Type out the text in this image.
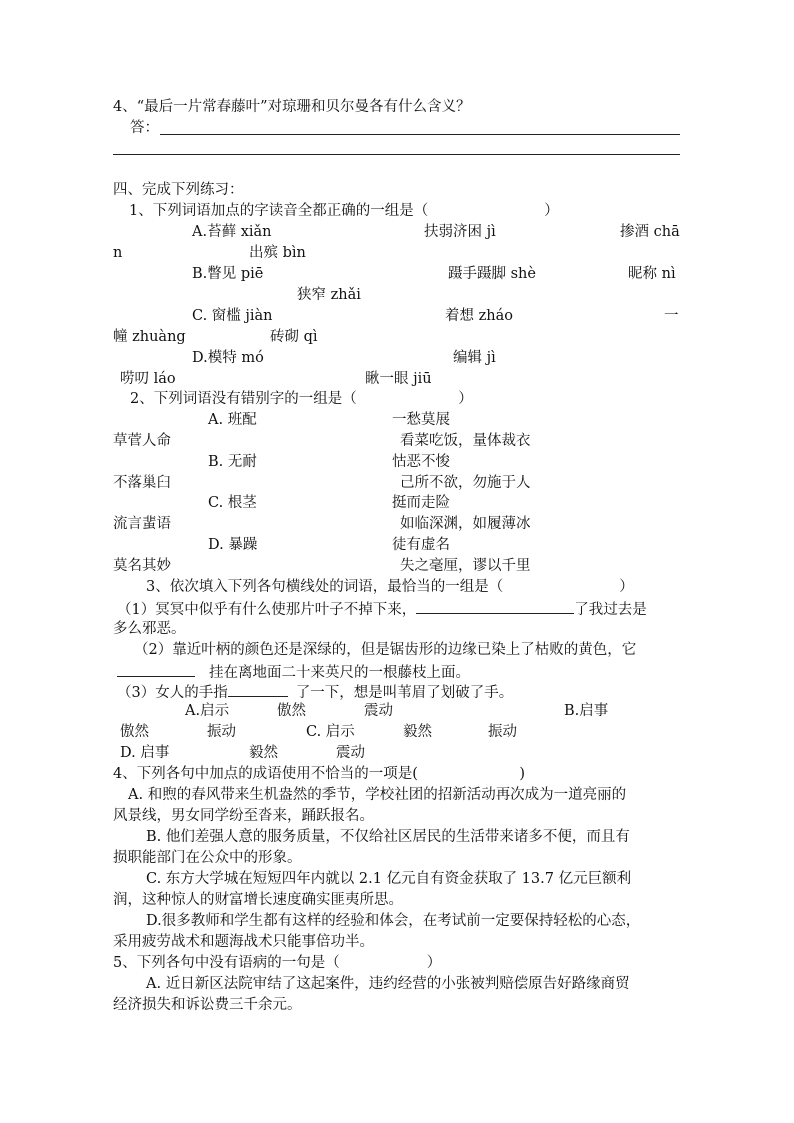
4、“最后一片常春藤叶”对琼珊和贝尔曼各有什么含义？
答：
四、完成下列练习：
1、下列词语加点的字读音全都正确的一组是（　　　　　　　　）
A.苔藓 xiǎn	扶弱济困 jì	掺酒 chā
n	出殡 bìn
B.瞥见 piē	蹑手蹑脚 shè	昵称 nì
狭窄 zhǎi
C. 窗槛 jiàn	着想 zháo	一
幢 zhuàng	砖砌 qì
D.模特 mó	编辑 jì
唠叨 láo	瞅一眼 jiū
2、下列词语没有错别字的一组是（　　　　　　　）
A. 班配	一愁莫展
草菅人命	看菜吃饭，量体裁衣
B. 无耐	怙恶不悛
不落巢臼	己所不欲，勿施于人
C. 根茎	挺而走险
流言蜚语	如临深渊，如履薄冰
D. 暴躁	徒有虚名
莫名其妙	失之毫厘，谬以千里
3、依次填入下列各句横线处的词语，最恰当的一组是（　　　　　　　　）
（1）冥冥中似乎有什么使那片叶子不掉下来，	了我过去是
多么邪恶。
（2）靠近叶柄的颜色还是深绿的，但是锯齿形的边缘已染上了枯败的黄色，它
挂在离地面二十来英尺的一根藤枝上面。
（3）女人的手指	了一下，想是叫苇眉了划破了手。
A.启示	傲然	震动	B.启事
傲然	振动	C. 启示	毅然	振动
D. 启事	毅然	震动
4、下列各句中加点的成语使用不恰当的一项是(　　　　　　　)
A. 和煦的春风带来生机盎然的季节，学校社团的招新活动再次成为一道亮丽的
风景线，男女同学纷至沓来，踊跃报名。
B. 他们差强人意的服务质量，不仅给社区居民的生活带来诸多不便，而且有
损职能部门在公众中的形象。
C. 东方大学城在短短四年内就以 2.1 亿元自有资金获取了 13.7 亿元巨额利
润，这种惊人的财富增长速度确实匪夷所思。
D.很多教师和学生都有这样的经验和体会，在考试前一定要保持轻松的心态，
采用疲劳战术和题海战术只能事倍功半。
5、下列各句中没有语病的一句是（　　　　　　）
A. 近日新区法院审结了这起案件，违约经营的小张被判赔偿原告好路缘商贸
经济损失和诉讼费三千余元。
